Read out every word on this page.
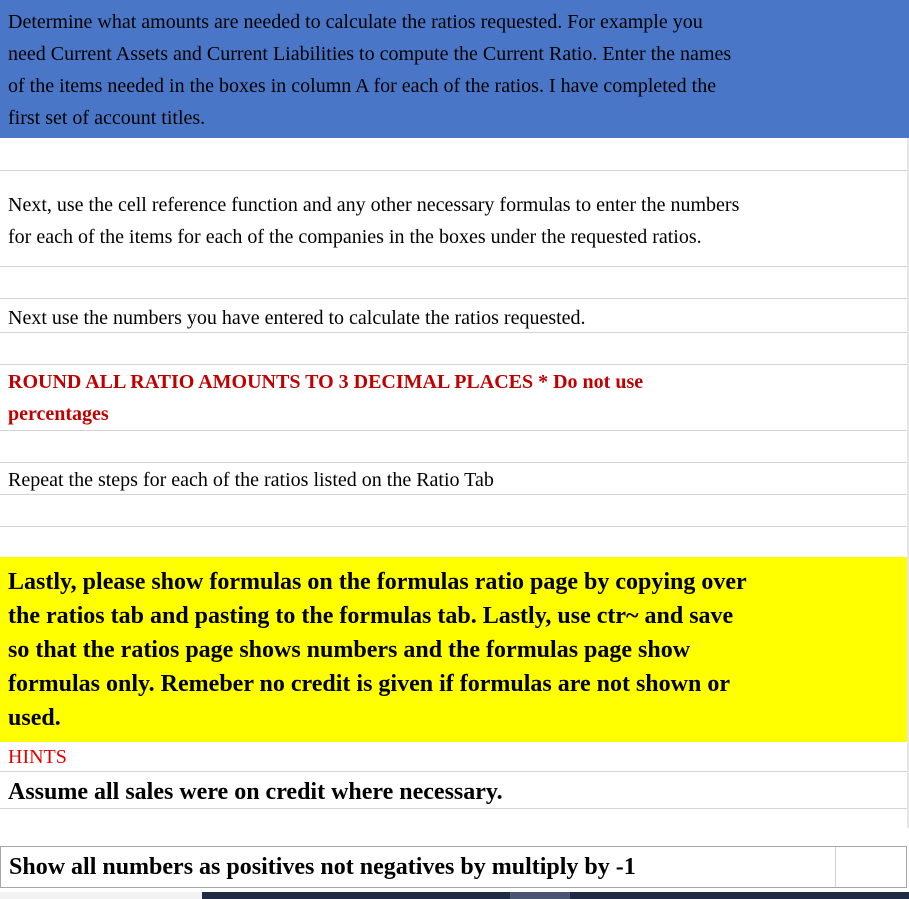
Determine what amounts are needed to calculate the ratios requested. For example you
need Current Assets and Current Liabilities to compute the Current Ratio. Enter the names
of the items needed in the boxes in column A for each of the ratios. I have completed the
first set of account titles.
Next, use the cell reference function and any other necessary formulas to enter the numbers
for each of the items for each of the companies in the boxes under the requested ratios.
Next use the numbers you have entered to calculate the ratios requested.
ROUND ALL RATIO AMOUNTS TO 3 DECIMAL PLACES * Do not use
percentages
Repeat the steps for each of the ratios listed on the Ratio Tab
Lastly, please show formulas on the formulas ratio page by copying over
the ratios tab and pasting to the formulas tab. Lastly, use ctr~ and save
so that the ratios page shows numbers and the formulas page show
formulas only. Remeber no credit is given if formulas are not shown or
used.
HINTS
Assume all sales were on credit where necessary.
Show all numbers as positives not negatives by multiply by -1
